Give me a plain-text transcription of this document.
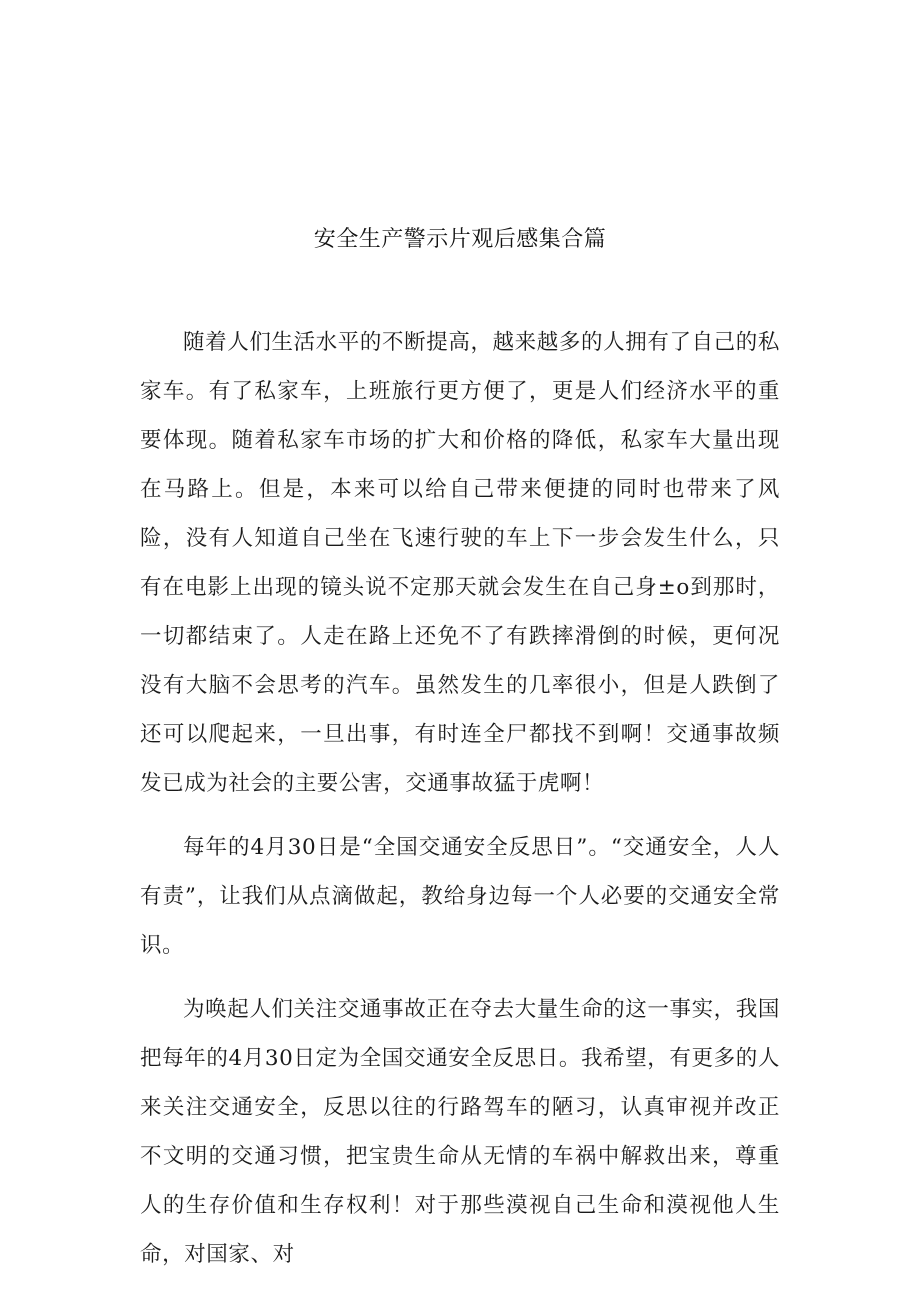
安全生产警示片观后感集合篇

随着人们生活水平的不断提高，越来越多的人拥有了自己的私家车。有了私家车，上班旅行更方便了，更是人们经济水平的重要体现。随着私家车市场的扩大和价格的降低，私家车大量出现在马路上。但是，本来可以给自己带来便捷的同时也带来了风险，没有人知道自己坐在飞速行驶的车上下一步会发生什么，只有在电影上出现的镜头说不定那天就会发生在自己身±o到那时，一切都结束了。人走在路上还免不了有跌摔滑倒的时候，更何况没有大脑不会思考的汽车。虽然发生的几率很小，但是人跌倒了还可以爬起来，一旦出事，有时连全尸都找不到啊！交通事故频发已成为社会的主要公害，交通事故猛于虎啊！

每年的4月30日是“全国交通安全反思日”。“交通安全，人人有责”，让我们从点滴做起，教给身边每一个人必要的交通安全常识。

为唤起人们关注交通事故正在夺去大量生命的这一事实，我国把每年的4月30日定为全国交通安全反思日。我希望，有更多的人来关注交通安全，反思以往的行路驾车的陋习，认真审视并改正不文明的交通习惯，把宝贵生命从无情的车祸中解救出来，尊重人的生存价值和生存权利！对于那些漠视自己生命和漠视他人生命，对国家、对
